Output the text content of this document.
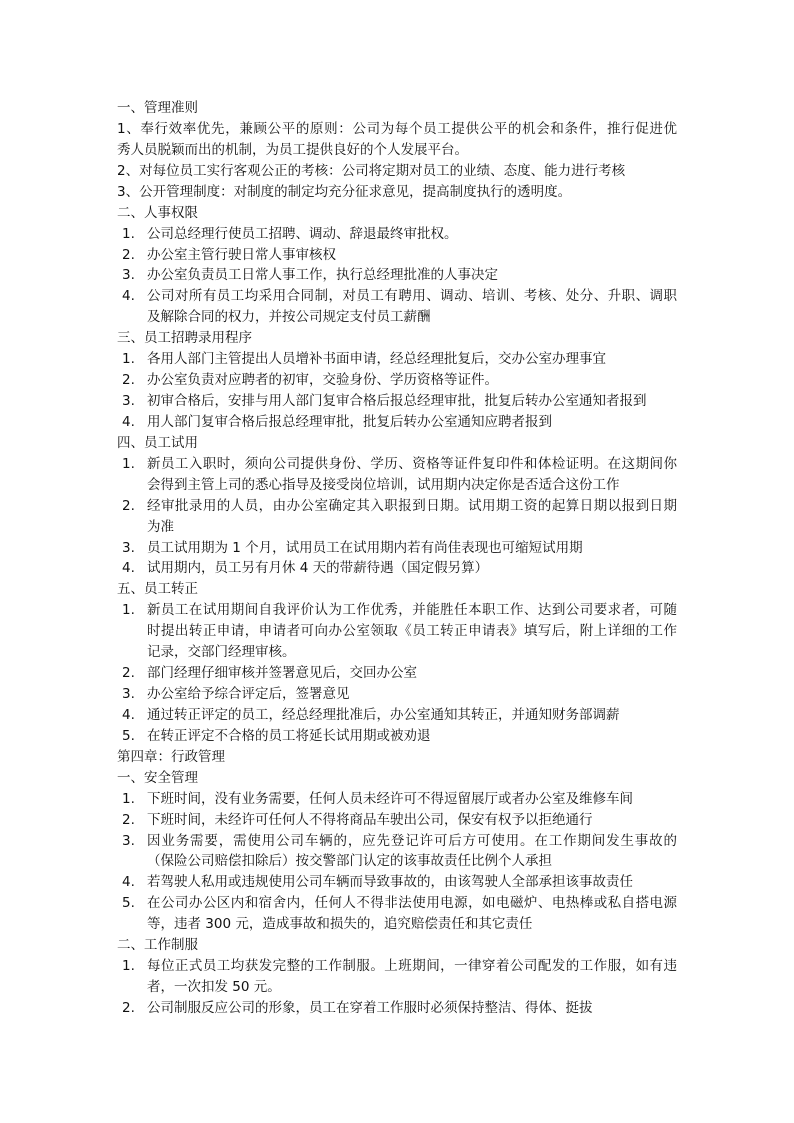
一、管理准则
1、奉行效率优先，兼顾公平的原则：公司为每个员工提供公平的机会和条件，推行促进优
秀人员脱颖而出的机制，为员工提供良好的个人发展平台。
2、对每位员工实行客观公正的考核：公司将定期对员工的业绩、态度、能力进行考核
3、公开管理制度：对制度的制定均充分征求意见，提高制度执行的透明度。
二、人事权限
1. 公司总经理行使员工招聘、调动、辞退最终审批权。
2. 办公室主管行驶日常人事审核权
3. 办公室负责员工日常人事工作，执行总经理批准的人事决定
4. 公司对所有员工均采用合同制，对员工有聘用、调动、培训、考核、处分、升职、调职
及解除合同的权力，并按公司规定支付员工薪酬
三、员工招聘录用程序
1. 各用人部门主管提出人员增补书面申请，经总经理批复后，交办公室办理事宜
2. 办公室负责对应聘者的初审，交验身份、学历资格等证件。
3. 初审合格后，安排与用人部门复审合格后报总经理审批，批复后转办公室通知者报到
4. 用人部门复审合格后报总经理审批，批复后转办公室通知应聘者报到
四、员工试用
1. 新员工入职时，须向公司提供身份、学历、资格等证件复印件和体检证明。在这期间你
会得到主管上司的悉心指导及接受岗位培训，试用期内决定你是否适合这份工作
2. 经审批录用的人员，由办公室确定其入职报到日期。试用期工资的起算日期以报到日期
为准
3. 员工试用期为 1 个月，试用员工在试用期内若有尚佳表现也可缩短试用期
4. 试用期内，员工另有月休 4 天的带薪待遇（国定假另算）
五、员工转正
1. 新员工在试用期间自我评价认为工作优秀，并能胜任本职工作、达到公司要求者，可随
时提出转正申请，申请者可向办公室领取《员工转正申请表》填写后，附上详细的工作
记录，交部门经理审核。
2. 部门经理仔细审核并签署意见后，交回办公室
3. 办公室给予综合评定后，签署意见
4. 通过转正评定的员工，经总经理批准后，办公室通知其转正，并通知财务部调薪
5. 在转正评定不合格的员工将延长试用期或被劝退
第四章：行政管理
一、安全管理
1. 下班时间，没有业务需要，任何人员未经许可不得逗留展厅或者办公室及维修车间
2. 下班时间，未经许可任何人不得将商品车驶出公司，保安有权予以拒绝通行
3. 因业务需要，需使用公司车辆的，应先登记许可后方可使用。在工作期间发生事故的
（保险公司赔偿扣除后）按交警部门认定的该事故责任比例个人承担
4. 若驾驶人私用或违规使用公司车辆而导致事故的，由该驾驶人全部承担该事故责任
5. 在公司办公区内和宿舍内，任何人不得非法使用电源，如电磁炉、电热棒或私自搭电源
等，违者 300 元，造成事故和损失的，追究赔偿责任和其它责任
二、工作制服
1. 每位正式员工均获发完整的工作制服。上班期间，一律穿着公司配发的工作服，如有违
者，一次扣发 50 元。
2. 公司制服反应公司的形象，员工在穿着工作服时必须保持整洁、得体、挺拔
